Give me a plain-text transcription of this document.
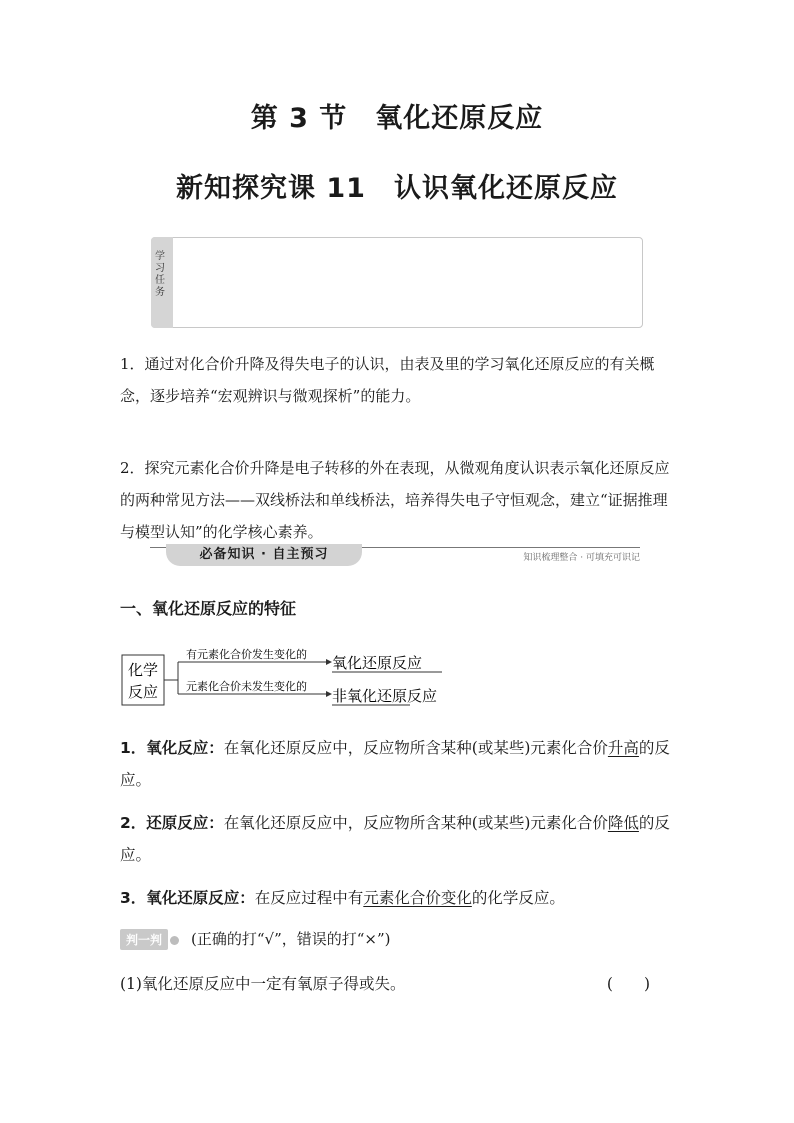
第 3 节　氧化还原反应
新知探究课 11　认识氧化还原反应
学习任务
1．通过对化合价升降及得失电子的认识，由表及里的学习氧化还原反应的有关概念，逐步培养“宏观辨识与微观探析”的能力。
2．探究元素化合价升降是电子转移的外在表现，从微观角度认识表示氧化还原反应的两种常见方法——双线桥法和单线桥法，培养得失电子守恒观念，建立“证据推理与模型认知”的化学核心素养。
必备知识 · 自主预习	知识梳理整合 · 可填充可识记
一、氧化还原反应的特征
化学
反应
有元素化合价发生变化的
元素化合价未发生变化的
氧化还原反应
非氧化还原反应
1．氧化反应：在氧化还原反应中，反应物所含某种(或某些)元素化合价升高的反应。
2．还原反应：在氧化还原反应中，反应物所含某种(或某些)元素化合价降低的反应。
3．氧化还原反应：在反应过程中有元素化合价变化的化学反应。
判一判 (正确的打“√”，错误的打“×”)
(1)氧化还原反应中一定有氧原子得或失。	(　　)
